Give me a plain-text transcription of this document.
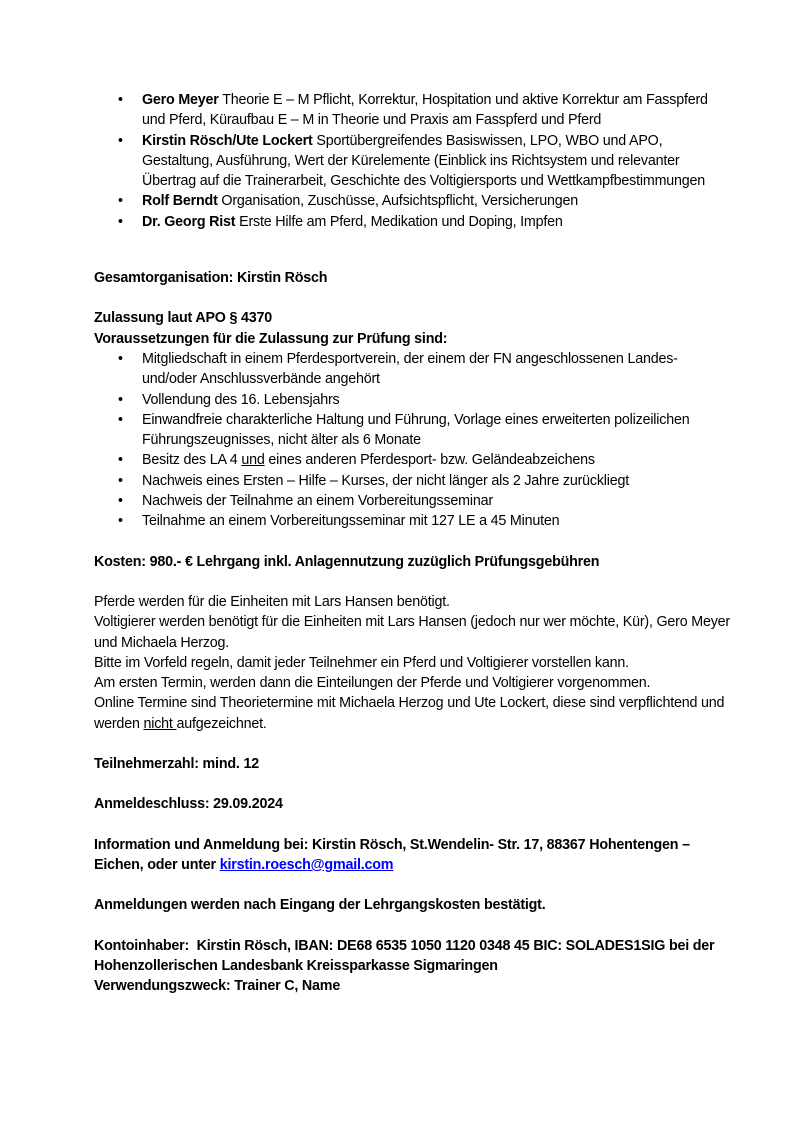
•	Gero Meyer Theorie E – M Pflicht, Korrektur, Hospitation und aktive Korrektur am Fasspferd und Pferd, Küraufbau E – M in Theorie und Praxis am Fasspferd und Pferd
•	Kirstin Rösch/Ute Lockert Sportübergreifendes Basiswissen, LPO, WBO und APO, Gestaltung, Ausführung, Wert der Kürelemente (Einblick ins Richtsystem und relevanter Übertrag auf die Trainerarbeit, Geschichte des Voltigiersports und Wettkampfbestimmungen
•	Rolf Berndt Organisation, Zuschüsse, Aufsichtspflicht, Versicherungen
•	Dr. Georg Rist Erste Hilfe am Pferd, Medikation und Doping, Impfen

Gesamtorganisation: Kirstin Rösch

Zulassung laut APO § 4370

Voraussetzungen für die Zulassung zur Prüfung sind:

•	Mitgliedschaft in einem Pferdesportverein, der einem der FN angeschlossenen Landes- und/oder Anschlussverbände angehört
•	Vollendung des 16. Lebensjahrs
•	Einwandfreie charakterliche Haltung und Führung, Vorlage eines erweiterten polizeilichen Führungszeugnisses, nicht älter als 6 Monate
•	Besitz des LA 4 und eines anderen Pferdesport- bzw. Geländeabzeichens
•	Nachweis eines Ersten – Hilfe – Kurses, der nicht länger als 2 Jahre zurückliegt
•	Nachweis der Teilnahme an einem Vorbereitungsseminar
•	Teilnahme an einem Vorbereitungsseminar mit 127 LE a 45 Minuten

Kosten: 980.- € Lehrgang inkl. Anlagennutzung zuzüglich Prüfungsgebühren

Pferde werden für die Einheiten mit Lars Hansen benötigt.

Voltigierer werden benötigt für die Einheiten mit Lars Hansen (jedoch nur wer möchte, Kür), Gero Meyer und Michaela Herzog.

Bitte im Vorfeld regeln, damit jeder Teilnehmer ein Pferd und Voltigierer vorstellen kann.

Am ersten Termin, werden dann die Einteilungen der Pferde und Voltigierer vorgenommen.

Online Termine sind Theorietermine mit Michaela Herzog und Ute Lockert, diese sind verpflichtend und werden nicht aufgezeichnet.

Teilnehmerzahl: mind. 12

Anmeldeschluss: 29.09.2024

Information und Anmeldung bei: Kirstin Rösch, St.Wendelin- Str. 17, 88367 Hohentengen – Eichen, oder unter kirstin.roesch@gmail.com

Anmeldungen werden nach Eingang der Lehrgangskosten bestätigt.

Kontoinhaber:  Kirstin Rösch, IBAN: DE68 6535 1050 1120 0348 45 BIC: SOLADES1SIG bei der Hohenzollerischen Landesbank Kreissparkasse Sigmaringen

Verwendungszweck: Trainer C, Name
